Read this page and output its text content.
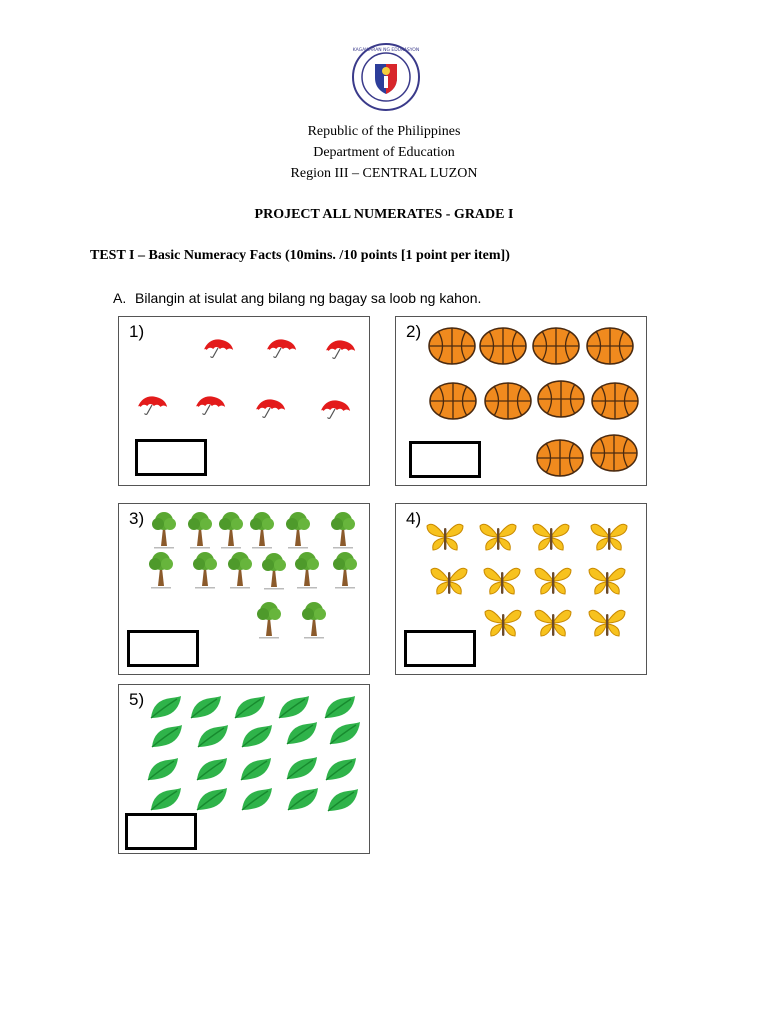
KAGAWARAN NG EDUKASYON
Republic of the Philippines
Department of Education
Region III – CENTRAL LUZON
PROJECT ALL NUMERATES - GRADE I
TEST I – Basic Numeracy Facts (10mins. /10 points [1 point per item])
A. Bilangin at isulat ang bilang ng bagay sa loob ng kahon.
1)	2)
3)	4)
5)
